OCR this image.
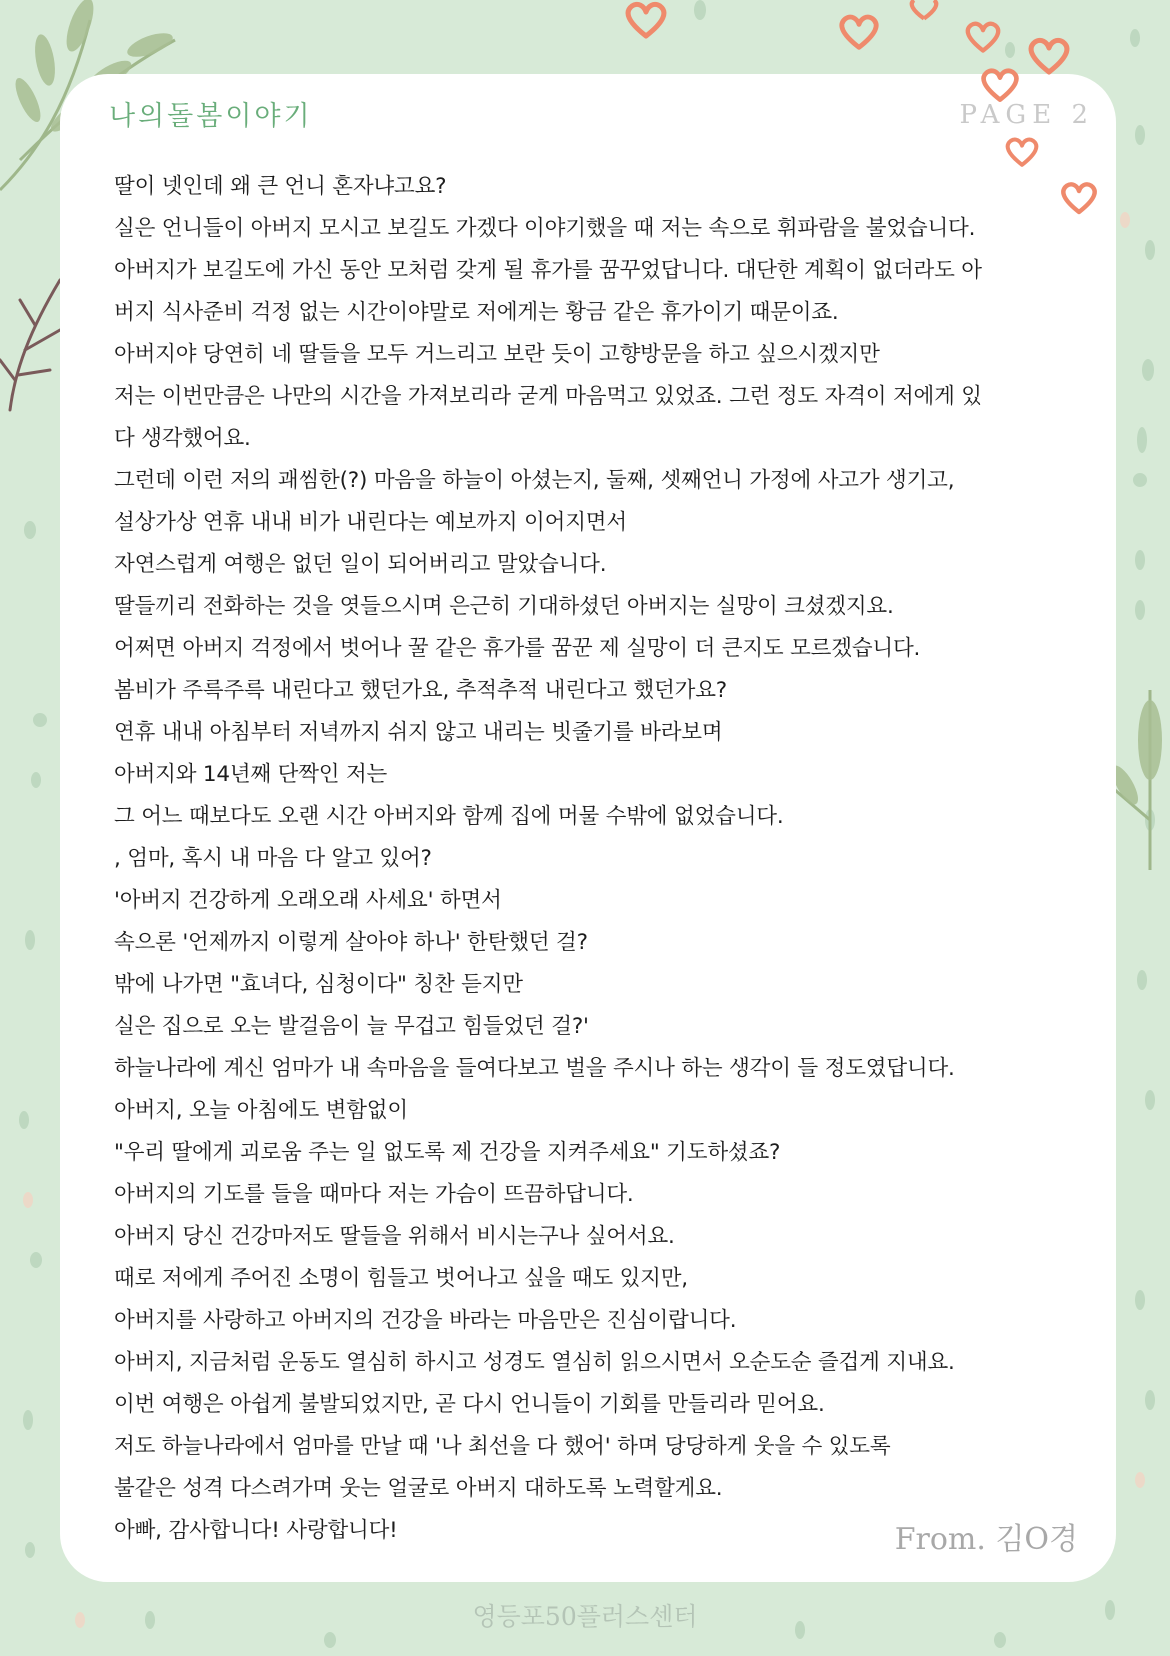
나의돌봄이야기	PAGE 2
딸이 넷인데 왜 큰 언니 혼자냐고요?
실은 언니들이 아버지 모시고 보길도 가겠다 이야기했을 때 저는 속으로 휘파람을 불었습니다.
아버지가 보길도에 가신 동안 모처럼 갖게 될 휴가를 꿈꾸었답니다. 대단한 계획이 없더라도 아
버지 식사준비 걱정 없는 시간이야말로 저에게는 황금 같은 휴가이기 때문이죠.
아버지야 당연히 네 딸들을 모두 거느리고 보란 듯이 고향방문을 하고 싶으시겠지만
저는 이번만큼은 나만의 시간을 가져보리라 굳게 마음먹고 있었죠. 그런 정도 자격이 저에게 있
다 생각했어요.
그런데 이런 저의 괘씸한(?) 마음을 하늘이 아셨는지, 둘째, 셋째언니 가정에 사고가 생기고,
설상가상 연휴 내내 비가 내린다는 예보까지 이어지면서
자연스럽게 여행은 없던 일이 되어버리고 말았습니다.
딸들끼리 전화하는 것을 엿들으시며 은근히 기대하셨던 아버지는 실망이 크셨겠지요.
어쩌면 아버지 걱정에서 벗어나 꿀 같은 휴가를 꿈꾼 제 실망이 더 큰지도 모르겠습니다.
봄비가 주륵주륵 내린다고 했던가요, 추적추적 내린다고 했던가요?
연휴 내내 아침부터 저녁까지 쉬지 않고 내리는 빗줄기를 바라보며
아버지와 14년째 단짝인 저는
그 어느 때보다도 오랜 시간 아버지와 함께 집에 머물 수밖에 없었습니다.
, 엄마, 혹시 내 마음 다 알고 있어?
'아버지 건강하게 오래오래 사세요' 하면서
속으론 '언제까지 이렇게 살아야 하나' 한탄했던 걸?
밖에 나가면 "효녀다, 심청이다" 칭찬 듣지만
실은 집으로 오는 발걸음이 늘 무겁고 힘들었던 걸?'
하늘나라에 계신 엄마가 내 속마음을 들여다보고 벌을 주시나 하는 생각이 들 정도였답니다.
아버지, 오늘 아침에도 변함없이
"우리 딸에게 괴로움 주는 일 없도록 제 건강을 지켜주세요" 기도하셨죠?
아버지의 기도를 들을 때마다 저는 가슴이 뜨끔하답니다.
아버지 당신 건강마저도 딸들을 위해서 비시는구나 싶어서요.
때로 저에게 주어진 소명이 힘들고 벗어나고 싶을 때도 있지만,
아버지를 사랑하고 아버지의 건강을 바라는 마음만은 진심이랍니다.
아버지, 지금처럼 운동도 열심히 하시고 성경도 열심히 읽으시면서 오순도순 즐겁게 지내요.
이번 여행은 아쉽게 불발되었지만, 곧 다시 언니들이 기회를 만들리라 믿어요.
저도 하늘나라에서 엄마를 만날 때 '나 최선을 다 했어' 하며 당당하게 웃을 수 있도록
불같은 성격 다스려가며 웃는 얼굴로 아버지 대하도록 노력할게요.
아빠, 감사합니다! 사랑합니다!	From. 김O경
영등포50플러스센터
